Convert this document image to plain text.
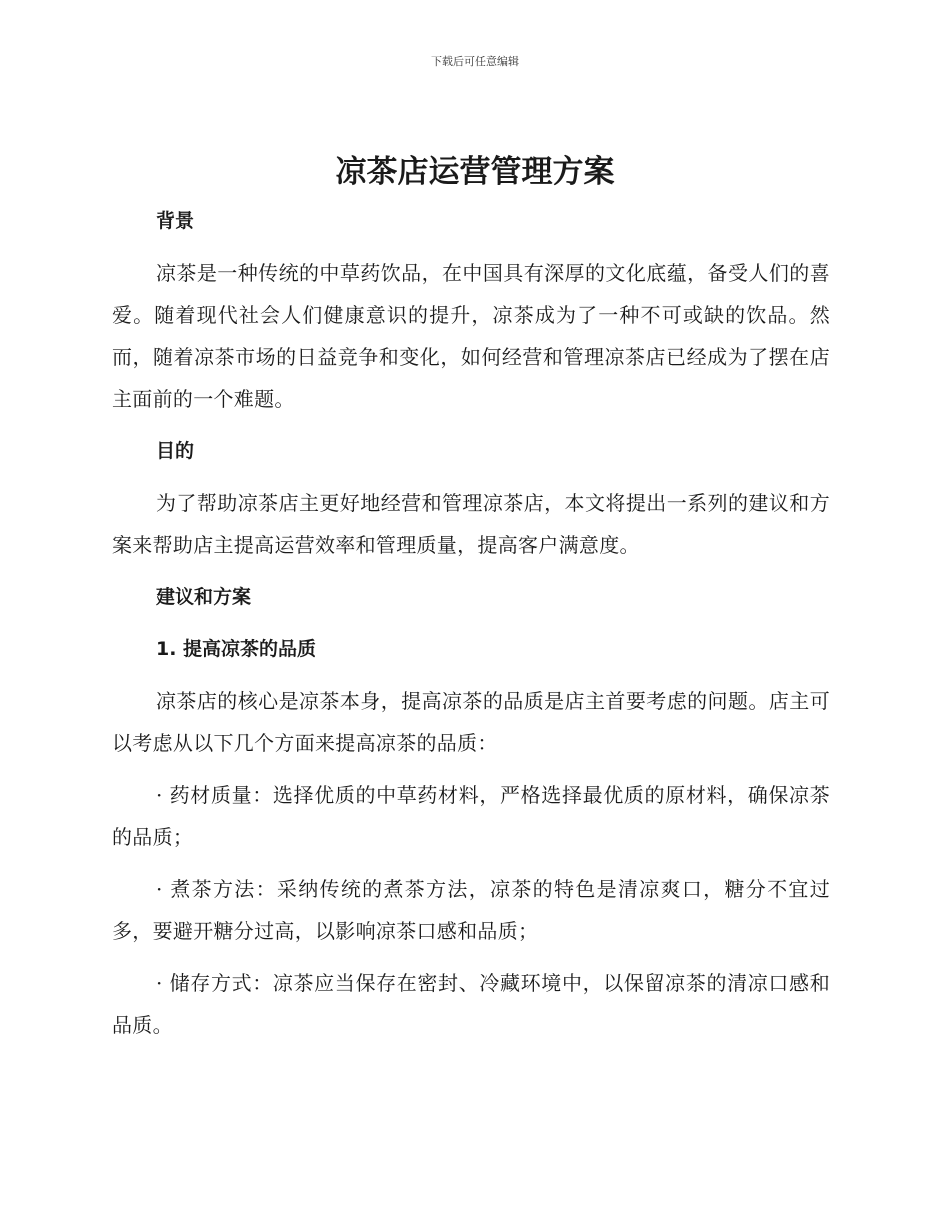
下载后可任意编辑
凉茶店运营管理方案
背景

凉茶是一种传统的中草药饮品，在中国具有深厚的文化底蕴，备受人们的喜爱。随着现代社会人们健康意识的提升，凉茶成为了一种不可或缺的饮品。然而，随着凉茶市场的日益竞争和变化，如何经营和管理凉茶店已经成为了摆在店主面前的一个难题。

目的

为了帮助凉茶店主更好地经营和管理凉茶店，本文将提出一系列的建议和方案来帮助店主提高运营效率和管理质量，提高客户满意度。

建议和方案
1. 提高凉茶的品质

凉茶店的核心是凉茶本身，提高凉茶的品质是店主首要考虑的问题。店主可以考虑从以下几个方面来提高凉茶的品质：

· 药材质量：选择优质的中草药材料，严格选择最优质的原材料，确保凉茶的品质；

· 煮茶方法：采纳传统的煮茶方法，凉茶的特色是清凉爽口，糖分不宜过多，要避开糖分过高，以影响凉茶口感和品质；

· 储存方式：凉茶应当保存在密封、冷藏环境中，以保留凉茶的清凉口感和品质。
